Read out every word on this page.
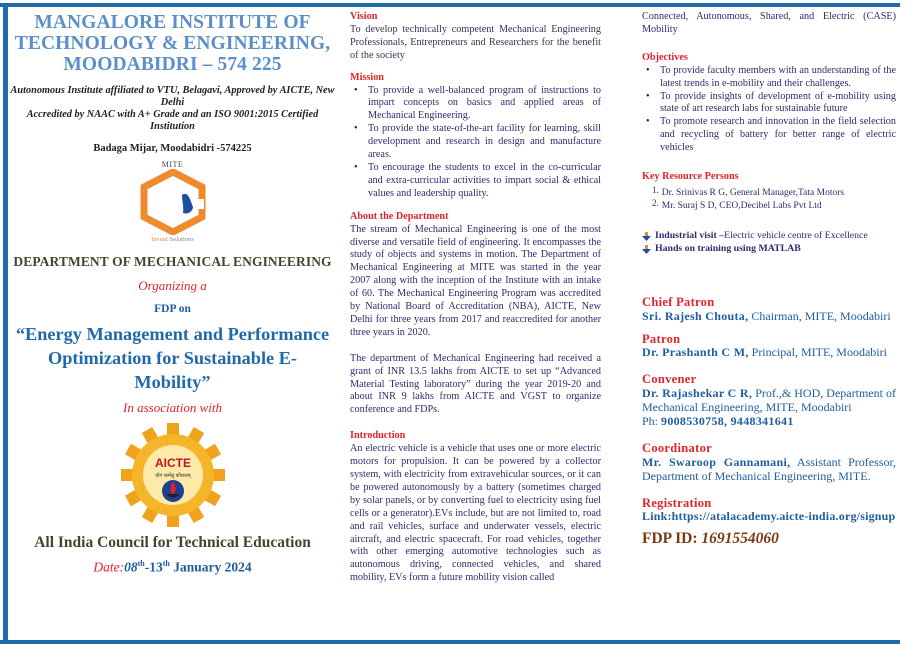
MANGALORE INSTITUTE OF TECHNOLOGY & ENGINEERING, MOODABIDRI – 574 225
Autonomous Institute affiliated to VTU, Belagavi, Approved by AICTE, New Delhi
Accredited by NAAC with A+ Grade and an ISO 9001:2015 Certified Institution
Badaga Mijar, Moodabidri -574225
MITE
Invent Solutions
DEPARTMENT OF MECHANICAL ENGINEERING
Organizing a
FDP on
“Energy Management and Performance Optimization for Sustainable E-Mobility”
In association with
AICTE
योग कर्मसु कौशलम्
All India Council for Technical Education
Date:08th-13th January 2024
Vision
To develop technically competent Mechanical Engineering Professionals, Entrepreneurs and Researchers for the benefit of the society
Mission
• To provide a well-balanced program of instructions to impart concepts on basics and applied areas of Mechanical Engineering.
• To provide the state-of-the-art facility for learning, skill development and research in design and manufacture areas.
• To encourage the students to excel in the co-curricular and extra-curricular activities to impart social & ethical values and leadership quality.
About the Department
The stream of Mechanical Engineering is one of the most diverse and versatile field of engineering. It encompasses the study of objects and systems in motion. The Department of Mechanical Engineering at MITE was started in the year 2007 along with the inception of the Institute with an intake of 60. The Mechanical Engineering Program was accredited by National Board of Accreditation (NBA), AICTE, New Delhi for three years from 2017 and reaccredited for another three years in 2020.
The department of Mechanical Engineering had received a grant of INR 13.5 lakhs from AICTE to set up “Advanced Material Testing laboratory” during the year 2019-20 and about INR 9 lakhs from AICTE and VGST to organize conference and FDPs.
Introduction
An electric vehicle is a vehicle that uses one or more electric motors for propulsion. It can be powered by a collector system, with electricity from extravehicular sources, or it can be powered autonomously by a battery (sometimes charged by solar panels, or by converting fuel to electricity using fuel cells or a generator).EVs include, but are not limited to, road and rail vehicles, surface and underwater vessels, electric aircraft, and electric spacecraft. For road vehicles, together with other emerging automotive technologies such as autonomous driving, connected vehicles, and shared mobility, EVs form a future mobility vision called
Connected, Autonomous, Shared, and Electric (CASE) Mobility
Objectives
• To provide faculty members with an understanding of the latest trends in e-mobility and their challenges.
• To provide insights of development of e-mobility using state of art research labs for sustainable future
• To promote research and innovation in the field selection and recycling of battery for better range of electric vehicles
Key Resource Persons
1. Dr. Srinivas R G, General Manager,Tata Motors
2. Mr. Suraj S D, CEO,Decibel Labs Pvt Ltd
Industrial visit – Electric vehicle centre of Excellence
Hands on training using MATLAB
Chief Patron
Sri. Rajesh Chouta, Chairman, MITE, Moodabiri
Patron
Dr. Prashanth C M, Principal, MITE, Moodabiri
Convener
Dr. Rajashekar C R, Prof.,& HOD, Department of Mechanical Engineering, MITE, Moodabiri
Ph: 9008530758, 9448341641
Coordinator
Mr. Swaroop Gannamani, Assistant Professor, Department of Mechanical Engineering, MITE.
Registration
Link:https://atalacademy.aicte-india.org/signup
FDP ID: 1691554060
